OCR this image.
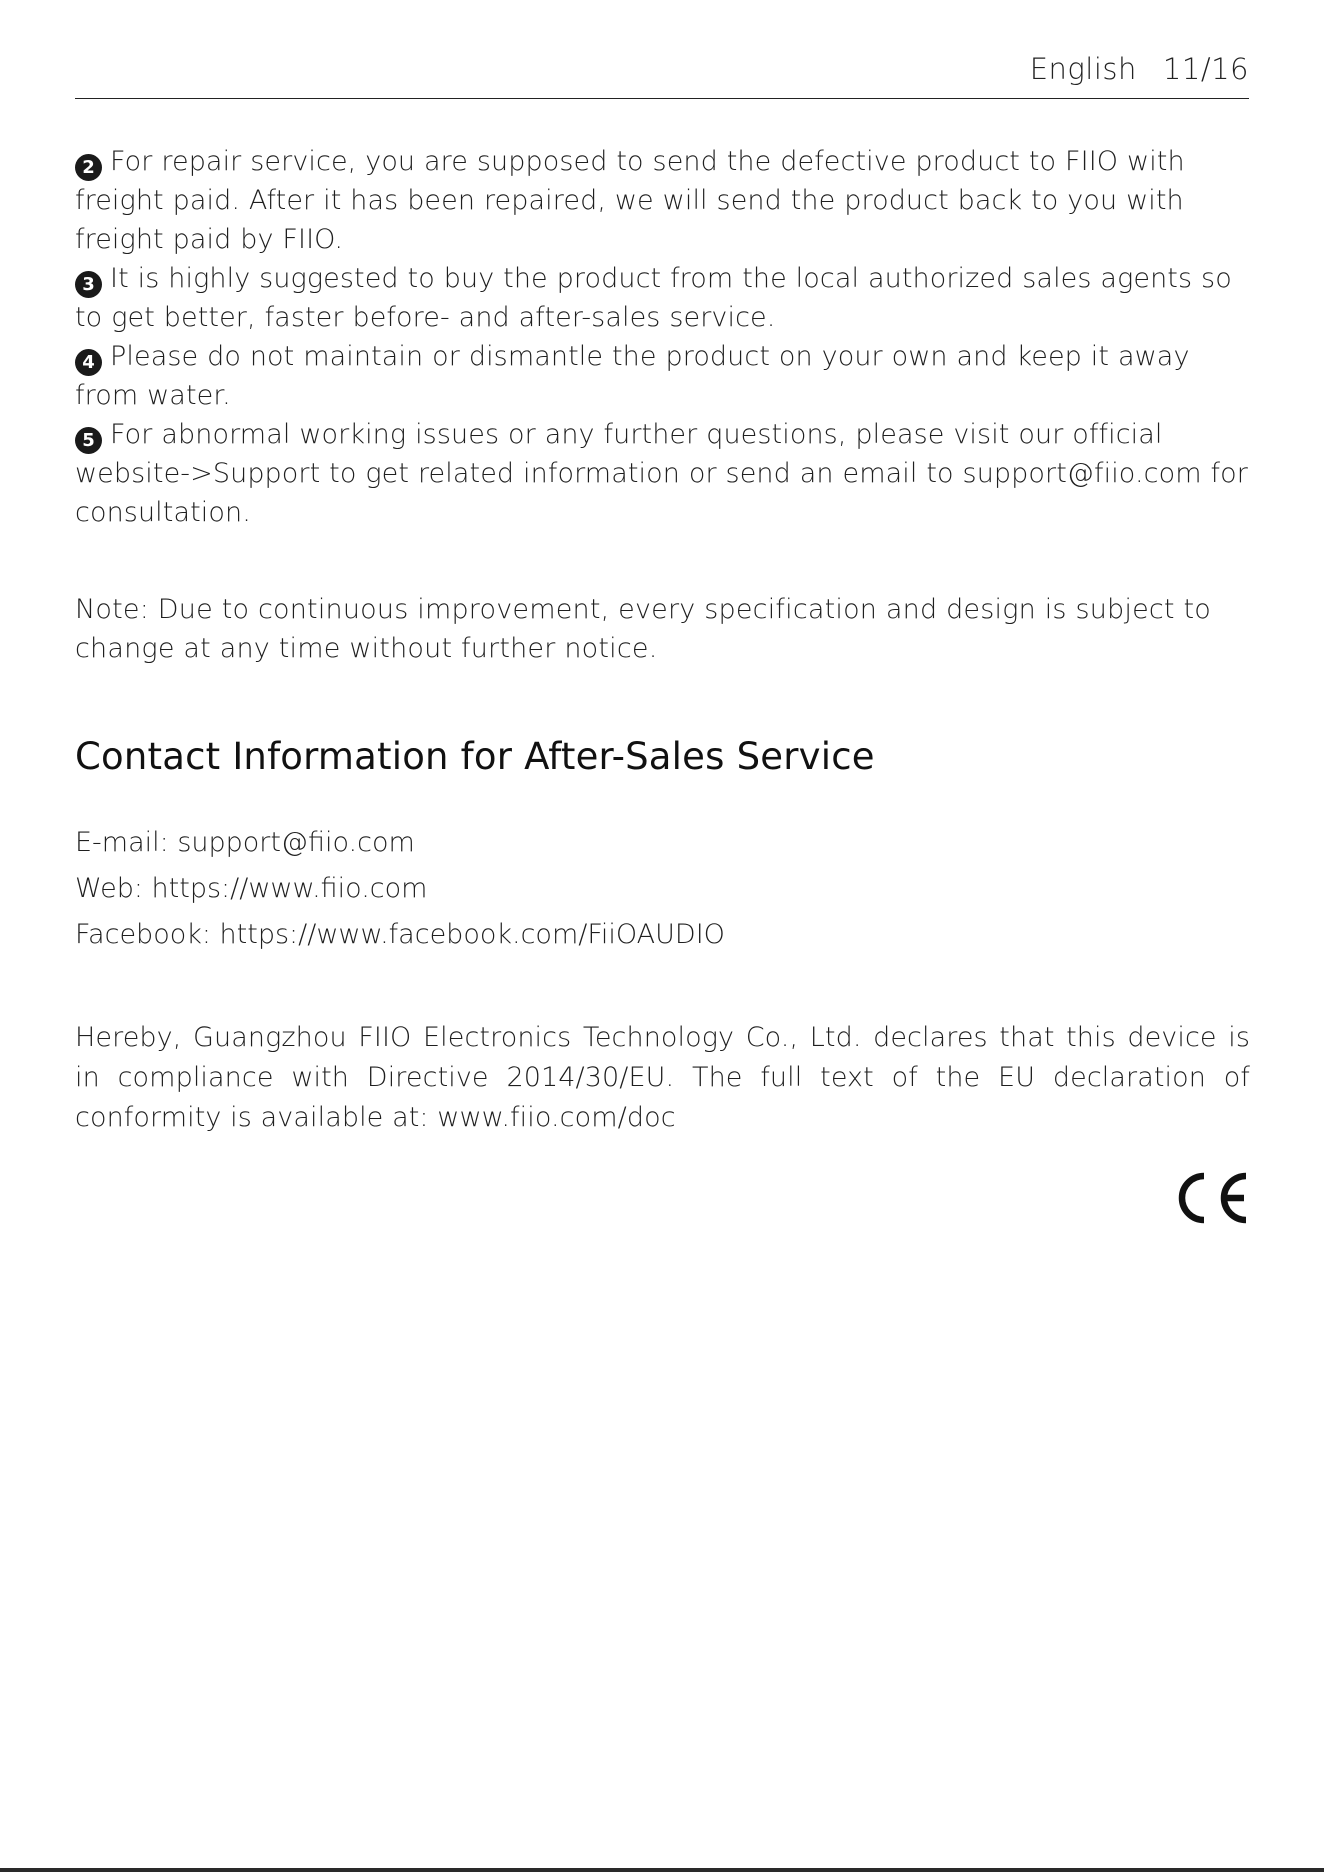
English 11/16

2 For repair service, you are supposed to send the defective product to FIIO with freight paid. After it has been repaired, we will send the product back to you with freight paid by FIIO.

3 It is highly suggested to buy the product from the local authorized sales agents so to get better, faster before- and after-sales service.

4 Please do not maintain or dismantle the product on your own and keep it away from water.

5 For abnormal working issues or any further questions, please visit our official website->Support to get related information or send an email to support@fiio.com for consultation.

Note: Due to continuous improvement, every specification and design is subject to change at any time without further notice.
Contact Information for After-Sales Service
E-mail: support@fiio.com
Web: https://www.fiio.com
Facebook: https://www.facebook.com/FiiOAUDIO
Hereby, Guangzhou FIIO Electronics Technology Co., Ltd. declares that this device is in compliance with Directive 2014/30/EU. The full text of the EU declaration of conformity is available at: www.fiio.com/doc
